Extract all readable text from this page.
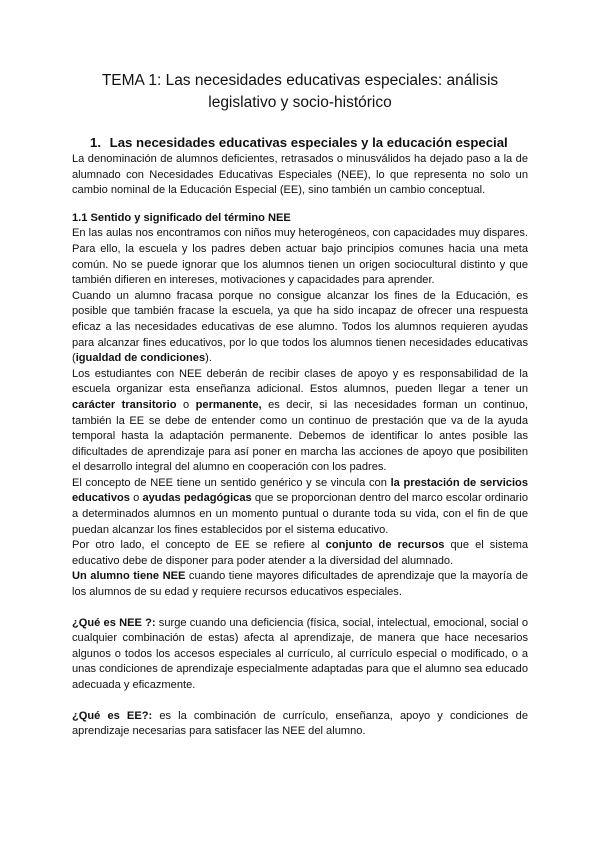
TEMA 1: Las necesidades educativas especiales: análisis
legislativo y socio-histórico
1. Las necesidades educativas especiales y la educación especial

La denominación de alumnos deficientes, retrasados o minusválidos ha dejado paso a la de alumnado con Necesidades Educativas Especiales (NEE), lo que representa no solo un cambio nominal de la Educación Especial (EE), sino también un cambio conceptual.

1.1 Sentido y significado del término NEE

En las aulas nos encontramos con niños muy heterogéneos, con capacidades muy dispares. Para ello, la escuela y los padres deben actuar bajo principios comunes hacia una meta común. No se puede ignorar que los alumnos tienen un origen sociocultural distinto y que también difieren en intereses, motivaciones y capacidades para aprender.

Cuando un alumno fracasa porque no consigue alcanzar los fines de la Educación, es posible que también fracase la escuela, ya que ha sido incapaz de ofrecer una respuesta eficaz a las necesidades educativas de ese alumno. Todos los alumnos requieren ayudas para alcanzar fines educativos, por lo que todos los alumnos tienen necesidades educativas (igualdad de condiciones).

Los estudiantes con NEE deberán de recibir clases de apoyo y es responsabilidad de la escuela organizar esta enseñanza adicional. Estos alumnos, pueden llegar a tener un carácter transitorio o permanente, es decir, si las necesidades forman un continuo, también la EE se debe de entender como un continuo de prestación que va de la ayuda temporal hasta la adaptación permanente. Debemos de identificar lo antes posible las dificultades de aprendizaje para así poner en marcha las acciones de apoyo que posibiliten el desarrollo integral del alumno en cooperación con los padres.

El concepto de NEE tiene un sentido genérico y se vincula con la prestación de servicios educativos o ayudas pedagógicas que se proporcionan dentro del marco escolar ordinario a determinados alumnos en un momento puntual o durante toda su vida, con el fin de que puedan alcanzar los fines establecidos por el sistema educativo.

Por otro lado, el concepto de EE se refiere al conjunto de recursos que el sistema educativo debe de disponer para poder atender a la diversidad del alumnado.

Un alumno tiene NEE cuando tiene mayores dificultades de aprendizaje que la mayoría de los alumnos de su edad y requiere recursos educativos especiales.

¿Qué es NEE ?: surge cuando una deficiencia (física, social, intelectual, emocional, social o cualquier combinación de estas) afecta al aprendizaje, de manera que hace necesarios algunos o todos los accesos especiales al currículo, al currículo especial o modificado, o a unas condiciones de aprendizaje especialmente adaptadas para que el alumno sea educado adecuada y eficazmente.

¿Qué es EE?: es la combinación de currículo, enseñanza, apoyo y condiciones de aprendizaje necesarias para satisfacer las NEE del alumno.
